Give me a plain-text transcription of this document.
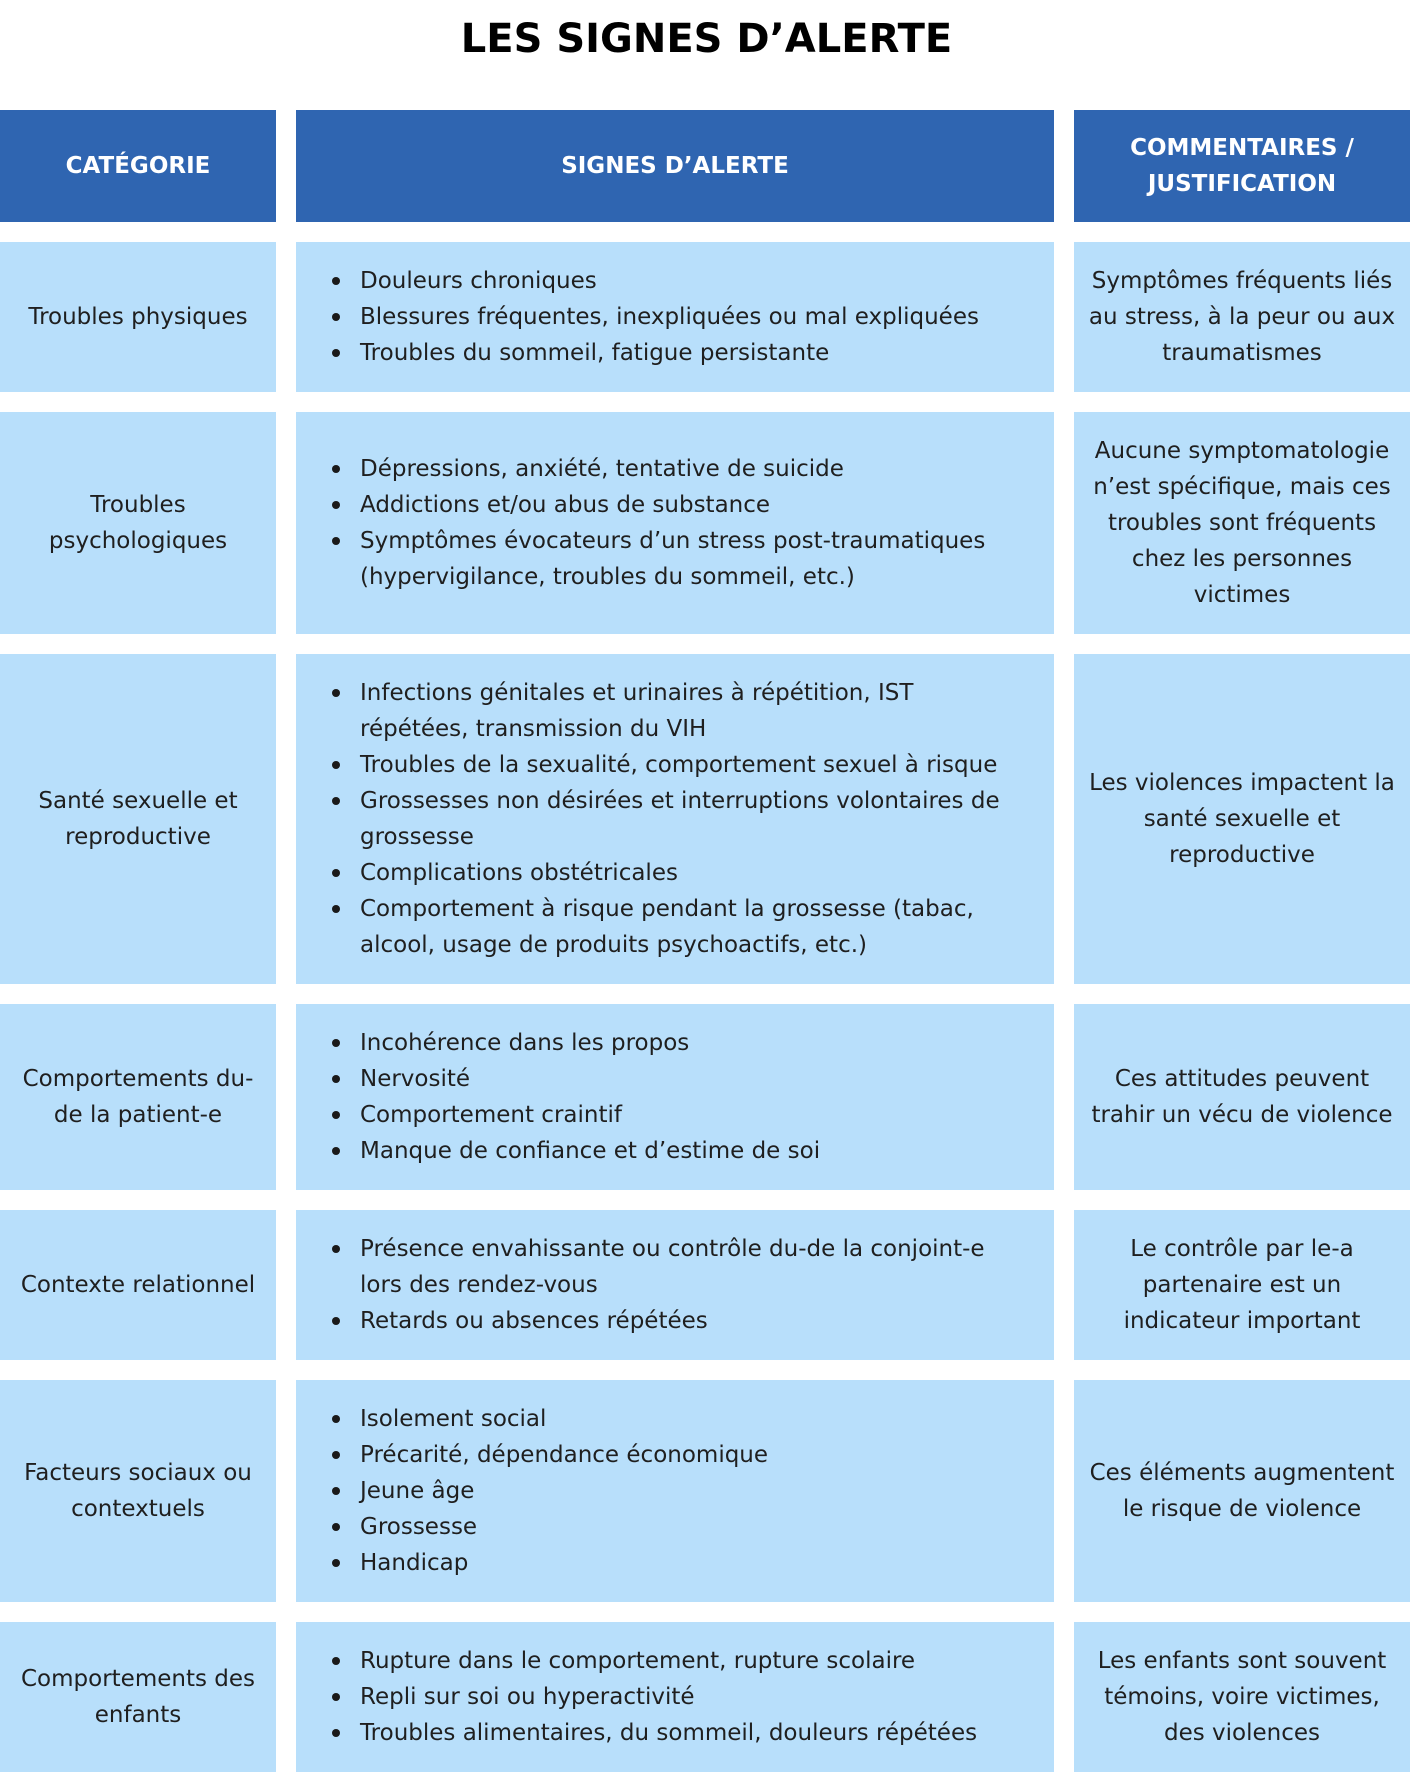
LES SIGNES D’ALERTE
CATÉGORIE	SIGNES D’ALERTE
COMMENTAIRES / JUSTIFICATION
Troubles physiques
Douleurs chroniques
Blessures fréquentes, inexpliquées ou mal expliquées
Troubles du sommeil, fatigue persistante
Symptômes fréquents liés au stress, à la peur ou aux traumatismes
Troubles psychologiques
Dépressions, anxiété, tentative de suicide
Addictions et/ou abus de substance
Symptômes évocateurs d’un stress post-traumatiques (hypervigilance, troubles du sommeil, etc.)
Aucune symptomatologie n’est spécifique, mais ces troubles sont fréquents chez les personnes victimes
Santé sexuelle et reproductive
Infections génitales et urinaires à répétition, IST répétées, transmission du VIH
Troubles de la sexualité, comportement sexuel à risque
Grossesses non désirées et interruptions volontaires de grossesse
Complications obstétricales
Comportement à risque pendant la grossesse (tabac, alcool, usage de produits psychoactifs, etc.)
Les violences impactent la santé sexuelle et reproductive
Comportements du-de la patient-e
Incohérence dans les propos
Nervosité
Comportement craintif
Manque de confiance et d’estime de soi
Ces attitudes peuvent trahir un vécu de violence
Contexte relationnel
Présence envahissante ou contrôle du-de la conjoint-e lors des rendez-vous
Retards ou absences répétées
Le contrôle par le-a partenaire est un indicateur important
Facteurs sociaux ou contextuels
Isolement social
Précarité, dépendance économique
Jeune âge
Grossesse
Handicap
Ces éléments augmentent le risque de violence
Comportements des enfants
Rupture dans le comportement, rupture scolaire
Repli sur soi ou hyperactivité
Troubles alimentaires, du sommeil, douleurs répétées
Les enfants sont souvent témoins, voire victimes, des violences
